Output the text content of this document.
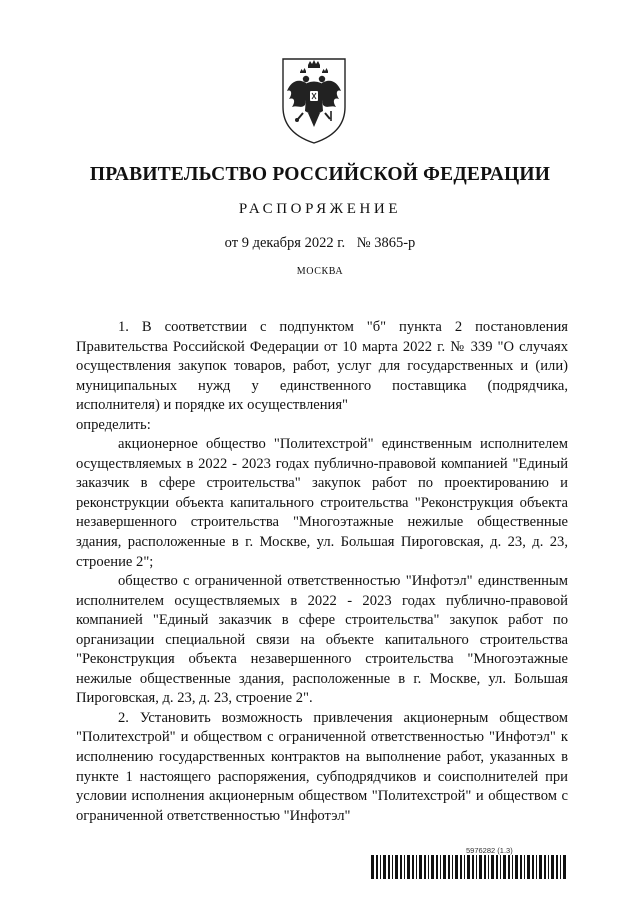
ПРАВИТЕЛЬСТВО РОССИЙСКОЙ ФЕДЕРАЦИИ
РАСПОРЯЖЕНИЕ
от 9 декабря 2022 г. № 3865-р
МОСКВА

1. В соответствии с подпунктом "б" пункта 2 постановления Правительства Российской Федерации от 10 марта 2022 г. № 339 "О случаях осуществления закупок товаров, работ, услуг для государственных и (или) муниципальных нужд у единственного поставщика (подрядчика, исполнителя) и порядке их осуществления"

определить:

акционерное общество "Политехстрой" единственным исполнителем осуществляемых в 2022 - 2023 годах публично-правовой компанией "Единый заказчик в сфере строительства" закупок работ по проектированию и реконструкции объекта капитального строительства "Реконструкция объекта незавершенного строительства "Многоэтажные нежилые общественные здания, расположенные в г. Москве, ул. Большая Пироговская, д. 23, д. 23, строение 2";

общество с ограниченной ответственностью "Инфотэл" единственным исполнителем осуществляемых в 2022 - 2023 годах публично-правовой компанией "Единый заказчик в сфере строительства" закупок работ по организации специальной связи на объекте капитального строительства "Реконструкция объекта незавершенного строительства "Многоэтажные нежилые общественные здания, расположенные в г. Москве, ул. Большая Пироговская, д. 23, д. 23, строение 2".

2. Установить возможность привлечения акционерным обществом "Политехстрой" и обществом с ограниченной ответственностью "Инфотэл" к исполнению государственных контрактов на выполнение работ, указанных в пункте 1 настоящего распоряжения, субподрядчиков и соисполнителей при условии исполнения акционерным обществом "Политехстрой" и обществом с ограниченной ответственностью "Инфотэл"

5976282 (1.3)
